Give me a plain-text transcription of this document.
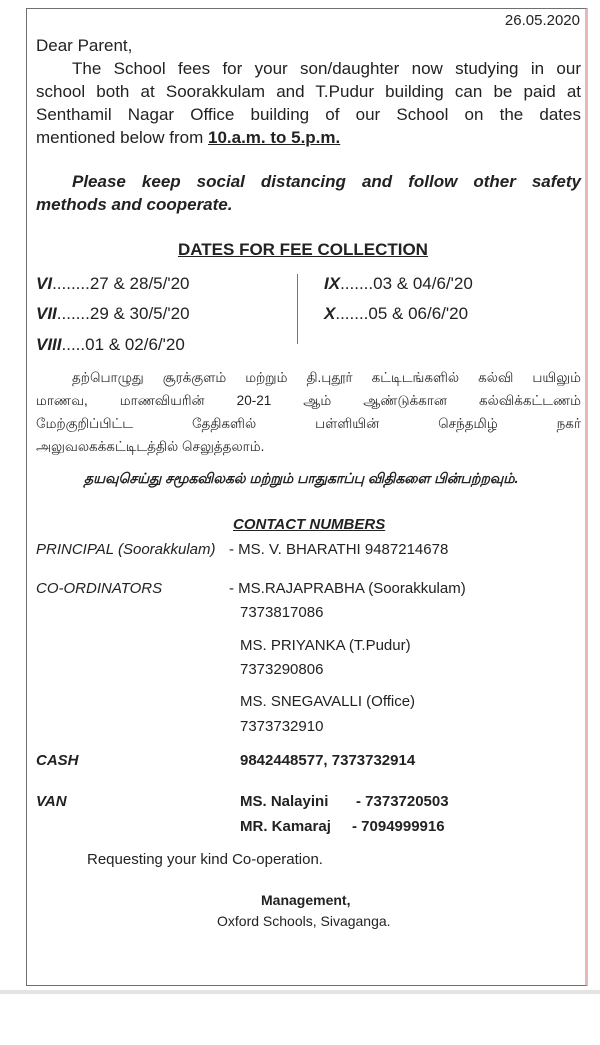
26.05.2020
Dear Parent,
The School fees for your son/daughter now studying in our
school both at Soorakkulam and T.Pudur building can be paid at
Senthamil Nagar Office building of our School on the dates
mentioned below from 10.a.m. to 5.p.m.
Please keep social distancing and follow other safety
methods and cooperate.
DATES FOR FEE COLLECTION
VI........27 & 28/5/'20
VII.......29 & 30/5/'20
VIII.....01 & 02/6/'20
IX.......03 & 04/6/'20
X.......05 & 06/6/'20
தற்பொழுது சூரக்குளம் மற்றும் தி.புதூர் கட்டிடங்களில் கல்வி பயிலும்
மாணவ, மாணவியரின் 20-21 ஆம் ஆண்டுக்கான கல்விக்கட்டணம்
மேற்குறிப்பிட்ட தேதிகளில் பள்ளியின் செந்தமிழ் நகர்
அலுவலகக்கட்டிடத்தில் செலுத்தலாம்.
தயவுசெய்து சமூகவிலகல் மற்றும் பாதுகாப்பு விதிகளை பின்பற்றவும்.
CONTACT NUMBERS
PRINCIPAL (Soorakkulam) - MS. V. BHARATHI 9487214678
CO-ORDINATORS	- MS.RAJAPRABHA (Soorakkulam)
7373817086
MS. PRIYANKA (T.Pudur)
7373290806
MS. SNEGAVALLI (Office)
7373732910
CASH	9842448577, 7373732914
VAN	MS. Nalayini - 7373720503
MR. Kamaraj - 7094999916
Requesting your kind Co-operation.
Management,
Oxford Schools, Sivaganga.
